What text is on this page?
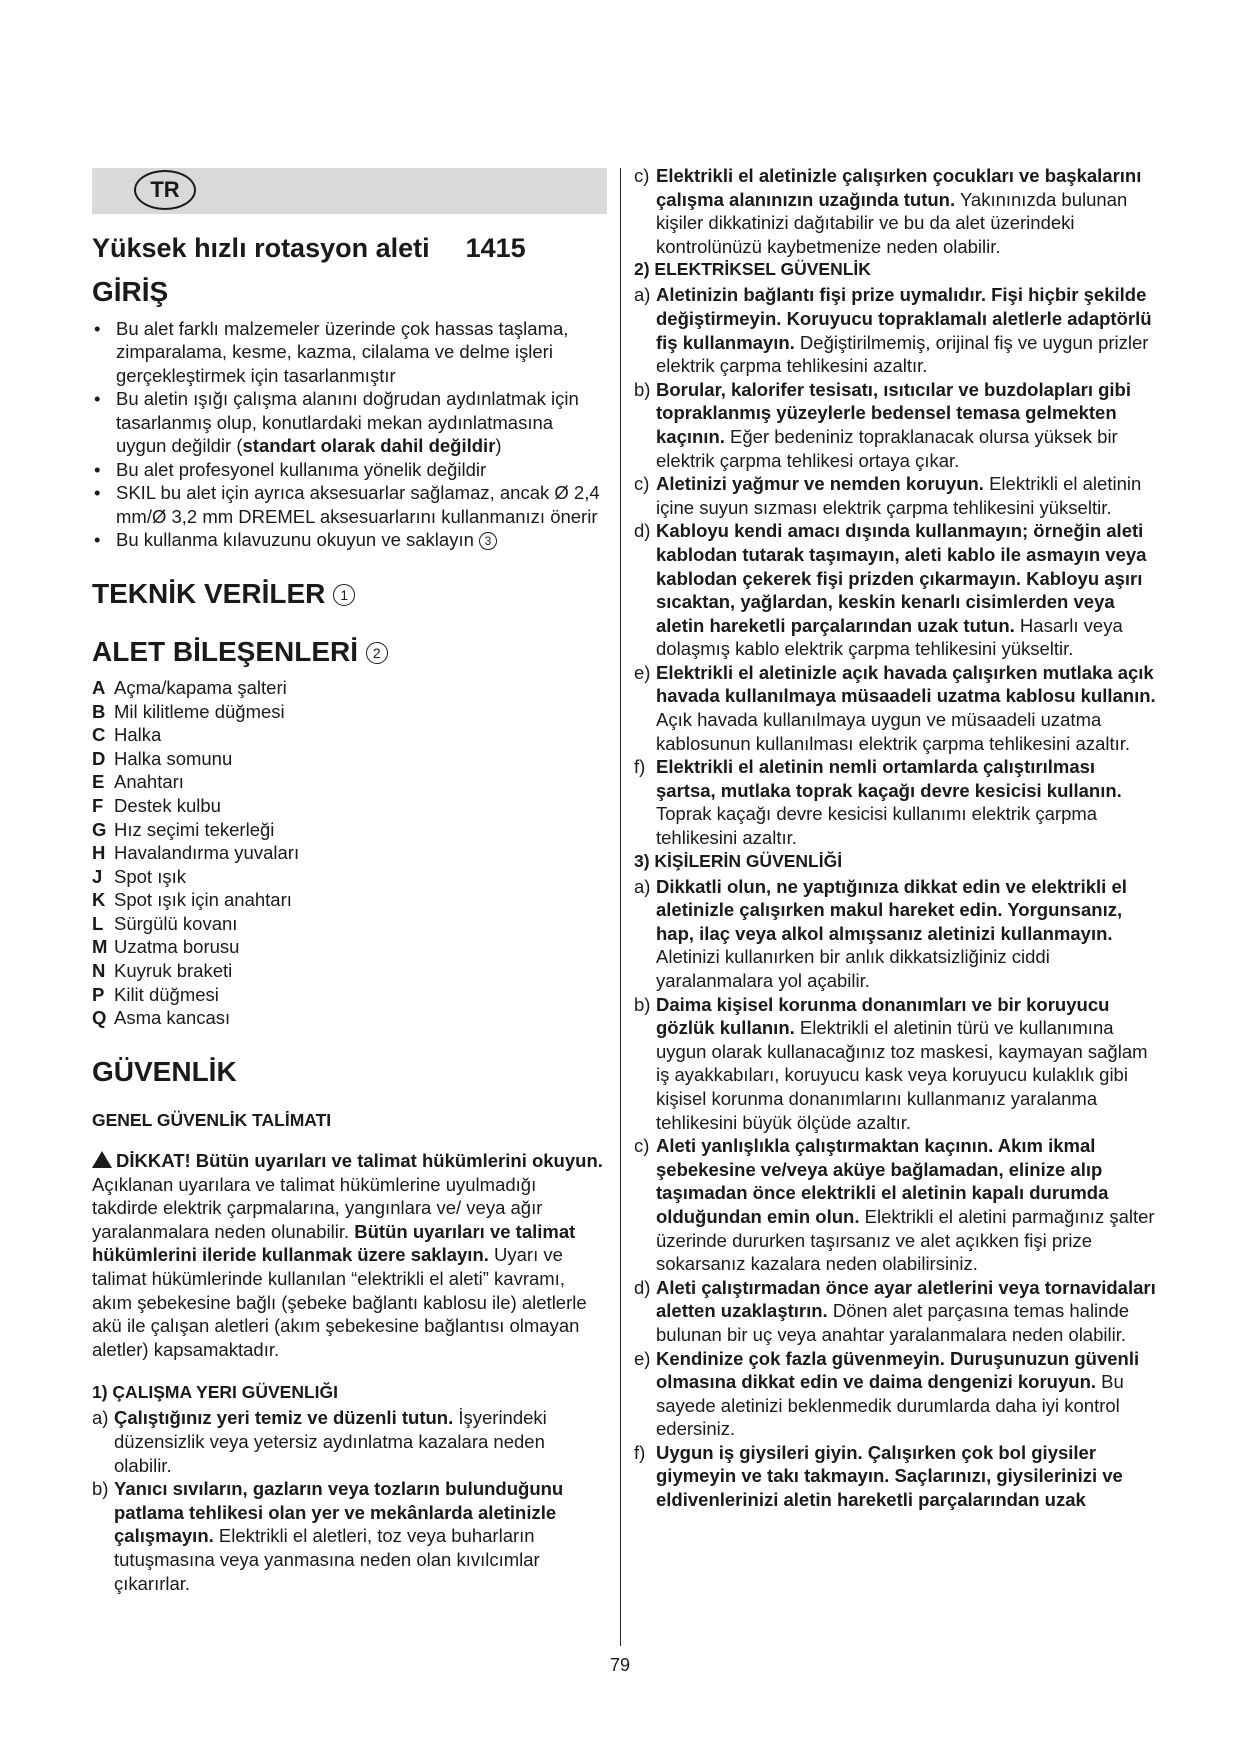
TR
Yüksek hızlı rotasyon aleti 1415
GİRİŞ
• Bu alet farklı malzemeler üzerinde çok hassas taşlama, zimparalama, kesme, kazma, cilalama ve delme işleri gerçekleştirmek için tasarlanmıştır
• Bu aletin ışığı çalışma alanını doğrudan aydınlatmak için tasarlanmış olup, konutlardaki mekan aydınlatmasına uygun değildir (standart olarak dahil değildir)
• Bu alet profesyonel kullanıma yönelik değildir
• SKIL bu alet için ayrıca aksesuarlar sağlamaz, ancak Ø 2,4 mm/Ø 3,2 mm DREMEL aksesuarlarını kullanmanızı önerir
• Bu kullanma kılavuzunu okuyun ve saklayın 3
TEKNİK VERİLER 1
ALET BİLEŞENLERİ 2
A Açma/kapama şalteri
B Mil kilitleme düğmesi
C Halka
D Halka somunu
E Anahtarı
F Destek kulbu
G Hız seçimi tekerleği
H Havalandırma yuvaları
J Spot ışık
K Spot ışık için anahtarı
L Sürgülü kovanı
M Uzatma borusu
N Kuyruk braketi
P Kilit düğmesi
Q Asma kancası
GÜVENLİK
GENEL GÜVENLİK TALİMATI

DİKKAT! Bütün uyarıları ve talimat hükümlerini okuyun. Açıklanan uyarılara ve talimat hükümlerine uyulmadığı takdirde elektrik çarpmalarına, yangınlara ve/ veya ağır yaralanmalara neden olunabilir. Bütün uyarıları ve talimat hükümlerini ileride kullanmak üzere saklayın. Uyarı ve talimat hükümlerinde kullanılan “elektrikli el aleti” kavramı, akım şebekesine bağlı (şebeke bağlantı kablosu ile) aletlerle akü ile çalışan aletleri (akım şebekesine bağlantısı olmayan aletler) kapsamaktadır.

1) ÇALIŞMA YERI GÜVENLIĞI
a) Çalıştığınız yeri temiz ve düzenli tutun. İşyerindeki düzensizlik veya yetersiz aydınlatma kazalara neden olabilir.
b) Yanıcı sıvıların, gazların veya tozların bulunduğunu patlama tehlikesi olan yer ve mekânlarda aletinizle çalışmayın. Elektrikli el aletleri, toz veya buharların tutuşmasına veya yanmasına neden olan kıvılcımlar çıkarırlar.
c) Elektrikli el aletinizle çalışırken çocukları ve başkalarını çalışma alanınızın uzağında tutun. Yakınınızda bulunan kişiler dikkatinizi dağıtabilir ve bu da alet üzerindeki kontrolünüzü kaybetmenize neden olabilir.
2) ELEKTRİKSEL GÜVENLİK
a) Aletinizin bağlantı fişi prize uymalıdır. Fişi hiçbir şekilde değiştirmeyin. Koruyucu topraklamalı aletlerle adaptörlü fiş kullanmayın. Değiştirilmemiş, orijinal fiş ve uygun prizler elektrik çarpma tehlikesini azaltır.
b) Borular, kalorifer tesisatı, ısıtıcılar ve buzdolapları gibi topraklanmış yüzeylerle bedensel temasa gelmekten kaçının. Eğer bedeniniz topraklanacak olursa yüksek bir elektrik çarpma tehlikesi ortaya çıkar.
c) Aletinizi yağmur ve nemden koruyun. Elektrikli el aletinin içine suyun sızması elektrik çarpma tehlikesini yükseltir.
d) Kabloyu kendi amacı dışında kullanmayın; örneğin aleti kablodan tutarak taşımayın, aleti kablo ile asmayın veya kablodan çekerek fişi prizden çıkarmayın. Kabloyu aşırı sıcaktan, yağlardan, keskin kenarlı cisimlerden veya aletin hareketli parçalarından uzak tutun. Hasarlı veya dolaşmış kablo elektrik çarpma tehlikesini yükseltir.
e) Elektrikli el aletinizle açık havada çalışırken mutlaka açık havada kullanılmaya müsaadeli uzatma kablosu kullanın. Açık havada kullanılmaya uygun ve müsaadeli uzatma kablosunun kullanılması elektrik çarpma tehlikesini azaltır.
f) Elektrikli el aletinin nemli ortamlarda çalıştırılması şartsa, mutlaka toprak kaçağı devre kesicisi kullanın. Toprak kaçağı devre kesicisi kullanımı elektrik çarpma tehlikesini azaltır.
3) KİŞİLERİN GÜVENLİĞİ
a) Dikkatli olun, ne yaptığınıza dikkat edin ve elektrikli el aletinizle çalışırken makul hareket edin. Yorgunsanız, hap, ilaç veya alkol almışsanız aletinizi kullanmayın. Aletinizi kullanırken bir anlık dikkatsizliğiniz ciddi yaralanmalara yol açabilir.
b) Daima kişisel korunma donanımları ve bir koruyucu gözlük kullanın. Elektrikli el aletinin türü ve kullanımına uygun olarak kullanacağınız toz maskesi, kaymayan sağlam iş ayakkabıları, koruyucu kask veya koruyucu kulaklık gibi kişisel korunma donanımlarını kullanmanız yaralanma tehlikesini büyük ölçüde azaltır.
c) Aleti yanlışlıkla çalıştırmaktan kaçının. Akım ikmal şebekesine ve/veya aküye bağlamadan, elinize alıp taşımadan önce elektrikli el aletinin kapalı durumda olduğundan emin olun. Elektrikli el aletini parmağınız şalter üzerinde dururken taşırsanız ve alet açıkken fişi prize sokarsanız kazalara neden olabilirsiniz.
d) Aleti çalıştırmadan önce ayar aletlerini veya tornavidaları aletten uzaklaştırın. Dönen alet parçasına temas halinde bulunan bir uç veya anahtar yaralanmalara neden olabilir.
e) Kendinize çok fazla güvenmeyin. Duruşunuzun güvenli olmasına dikkat edin ve daima dengenizi koruyun. Bu sayede aletinizi beklenmedik durumlarda daha iyi kontrol edersiniz.
f) Uygun iş giysileri giyin. Çalışırken çok bol giysiler giymeyin ve takı takmayın. Saçlarınızı, giysilerinizi ve eldivenlerinizi aletin hareketli parçalarından uzak
79
